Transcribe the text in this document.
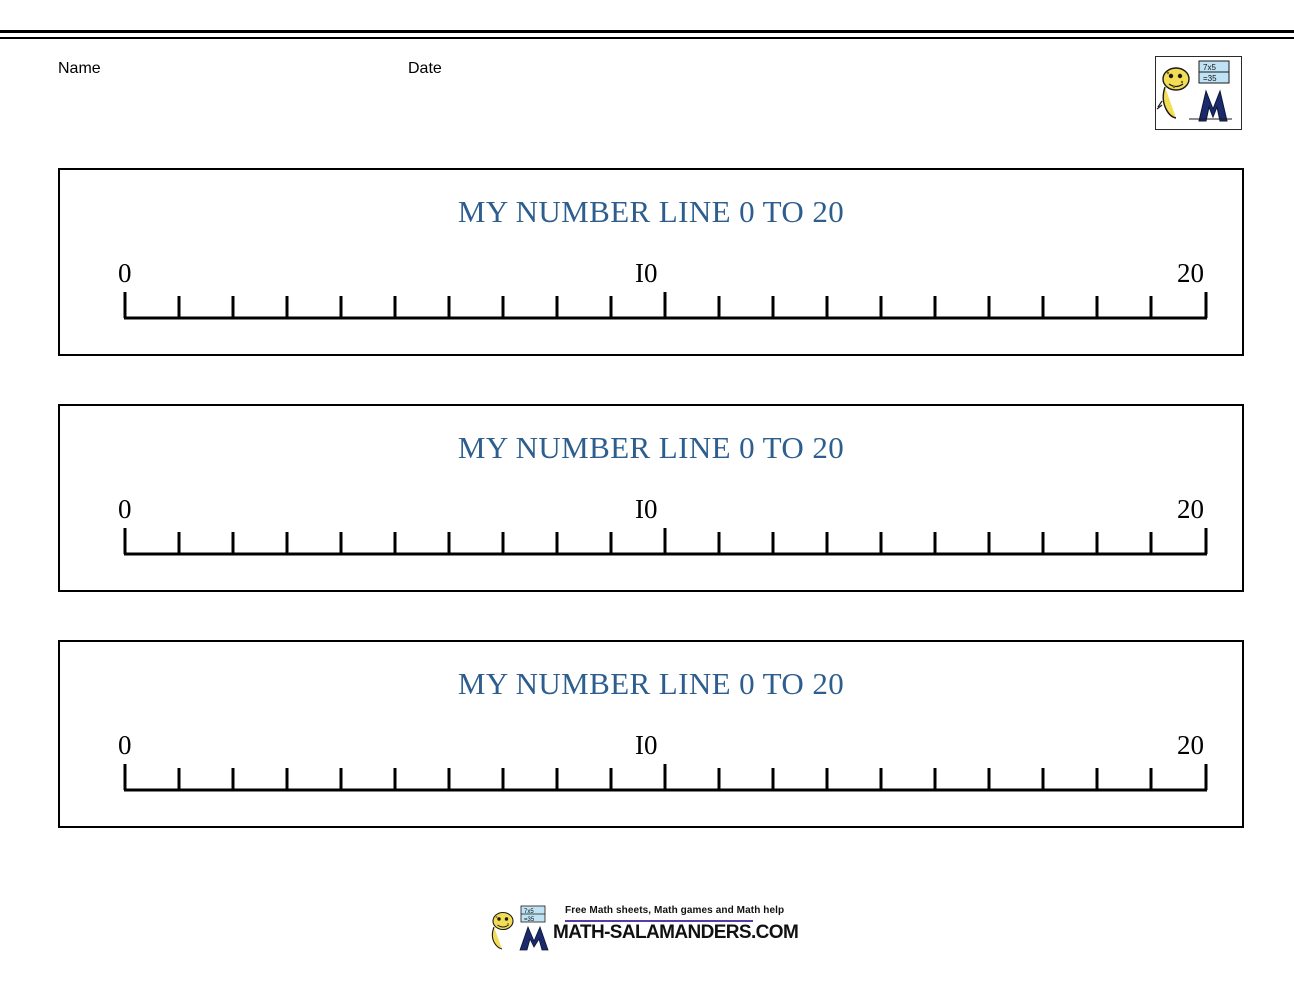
Name	Date	7x5
=35
MY NUMBER LINE 0 TO 20
0	I0	20
MY NUMBER LINE 0 TO 20
0	I0	20
MY NUMBER LINE 0 TO 20
0	I0	20
7x5
=35
Free Math sheets, Math games and Math help
MATH-SALAMANDERS.COM
